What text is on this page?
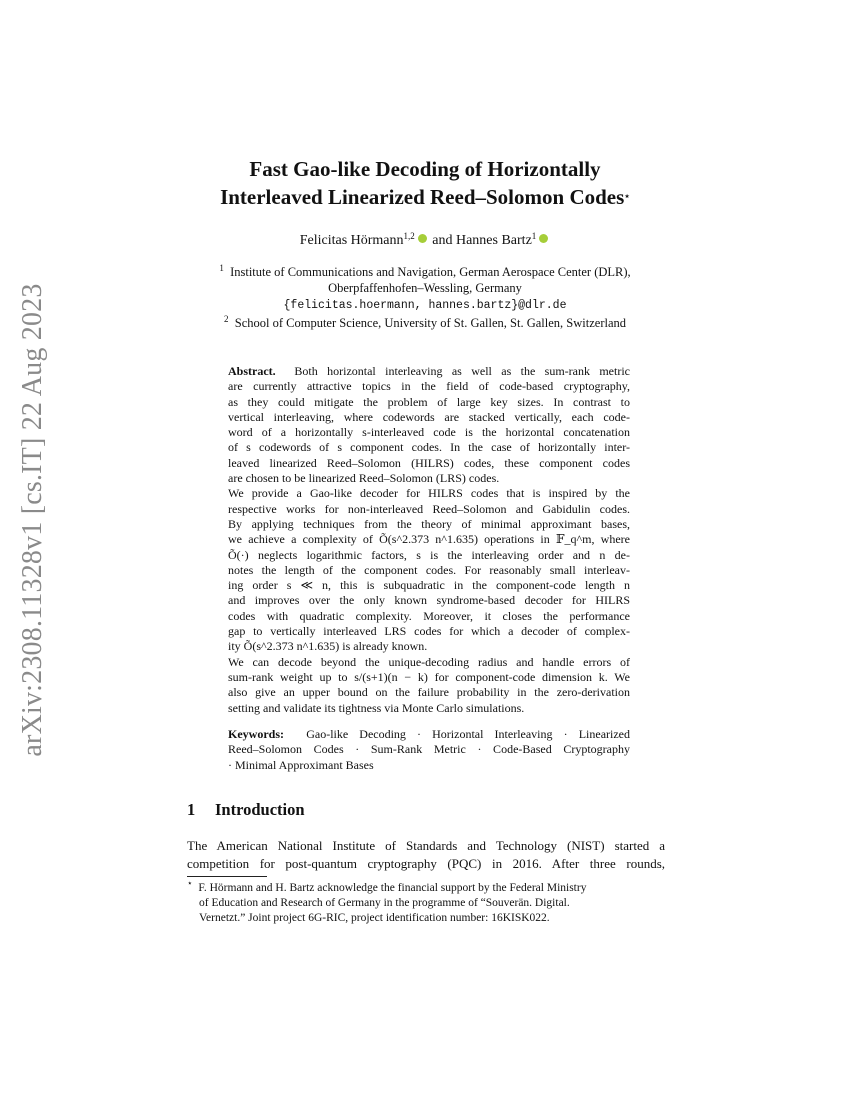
arXiv:2308.11328v1 [cs.IT] 22 Aug 2023
Fast Gao-like Decoding of Horizontally
Interleaved Linearized Reed–Solomon Codes⋆
Felicitas Hörmann$^{1,2}$ and Hannes Bartz$^1$
$^1$ Institute of Communications and Navigation, German Aerospace Center (DLR),
Oberpfaffenhofen–Wessling, Germany
{felicitas.hoermann, hannes.bartz}@dlr.de
$^2$ School of Computer Science, University of St. Gallen, St. Gallen, Switzerland
Abstract. Both horizontal interleaving as well as the sum-rank metric
are currently attractive topics in the field of code-based cryptography,
as they could mitigate the problem of large key sizes. In contrast to
vertical interleaving, where codewords are stacked vertically, each code-
word of a horizontally s-interleaved code is the horizontal concatenation
of s codewords of s component codes. In the case of horizontally inter-
leaved linearized Reed–Solomon (HILRS) codes, these component codes
are chosen to be linearized Reed–Solomon (LRS) codes.
We provide a Gao-like decoder for HILRS codes that is inspired by the
respective works for non-interleaved Reed–Solomon and Gabidulin codes.
By applying techniques from the theory of minimal approximant bases,
we achieve a complexity of Õ(s^2.373 n^1.635) operations in 𝔽_q^m, where
Õ(·) neglects logarithmic factors, s is the interleaving order and n de-
notes the length of the component codes. For reasonably small interleav-
ing order s ≪ n, this is subquadratic in the component-code length n
and improves over the only known syndrome-based decoder for HILRS
codes with quadratic complexity. Moreover, it closes the performance
gap to vertically interleaved LRS codes for which a decoder of complex-
ity Õ(s^2.373 n^1.635) is already known.
We can decode beyond the unique-decoding radius and handle errors of
sum-rank weight up to s/(s+1)(n − k) for component-code dimension k. We
also give an upper bound on the failure probability in the zero-derivation
setting and validate its tightness via Monte Carlo simulations.
Keywords: Gao-like Decoding · Horizontal Interleaving · Linearized
Reed–Solomon Codes · Sum-Rank Metric · Code-Based Cryptography
· Minimal Approximant Bases
1 Introduction
The American National Institute of Standards and Technology (NIST) started a
competition for post-quantum cryptography (PQC) in 2016. After three rounds,
⋆ F. Hörmann and H. Bartz acknowledge the financial support by the Federal Ministry
of Education and Research of Germany in the programme of “Souverän. Digital.
Vernetzt.” Joint project 6G-RIC, project identification number: 16KISK022.
